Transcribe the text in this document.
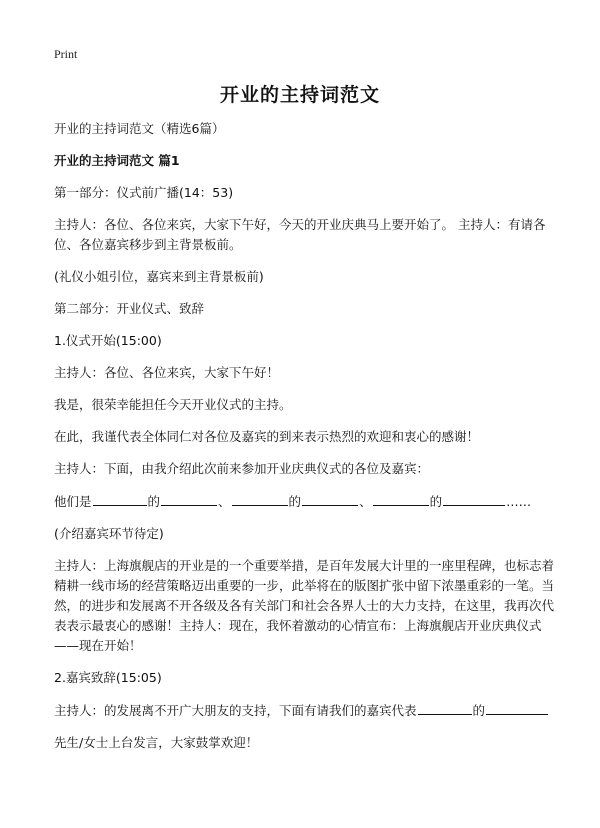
Print
开业的主持词范文

开业的主持词范文（精选6篇）

开业的主持词范文 篇1

第一部分：仪式前广播(14：53)

主持人：各位、各位来宾，大家下午好，今天的开业庆典马上要开始了。 主持人：有请各位、各位嘉宾移步到主背景板前。

(礼仪小姐引位，嘉宾来到主背景板前)

第二部分：开业仪式、致辞

1.仪式开始(15:00)

主持人：各位、各位来宾，大家下午好！

我是，很荣幸能担任今天开业仪式的主持。

在此，我谨代表全体同仁对各位及嘉宾的到来表示热烈的欢迎和衷心的感谢！

主持人：下面，由我介绍此次前来参加开业庆典仪式的各位及嘉宾：

他们是	的	、	的	、	的	……

(介绍嘉宾环节待定)

主持人：上海旗舰店的开业是的一个重要举措，是百年发展大计里的一座里程碑，也标志着精耕一线市场的经营策略迈出重要的一步，此举将在的版图扩张中留下浓墨重彩的一笔。当然，的进步和发展离不开各级及各有关部门和社会各界人士的大力支持，在这里，我再次代表表示最衷心的感谢！主持人：现在，我怀着激动的心情宣布：上海旗舰店开业庆典仪式——现在开始！

2.嘉宾致辞(15:05)

主持人：的发展离不开广大朋友的支持，下面有请我们的嘉宾代表	的

先生/女士上台发言，大家鼓掌欢迎！
